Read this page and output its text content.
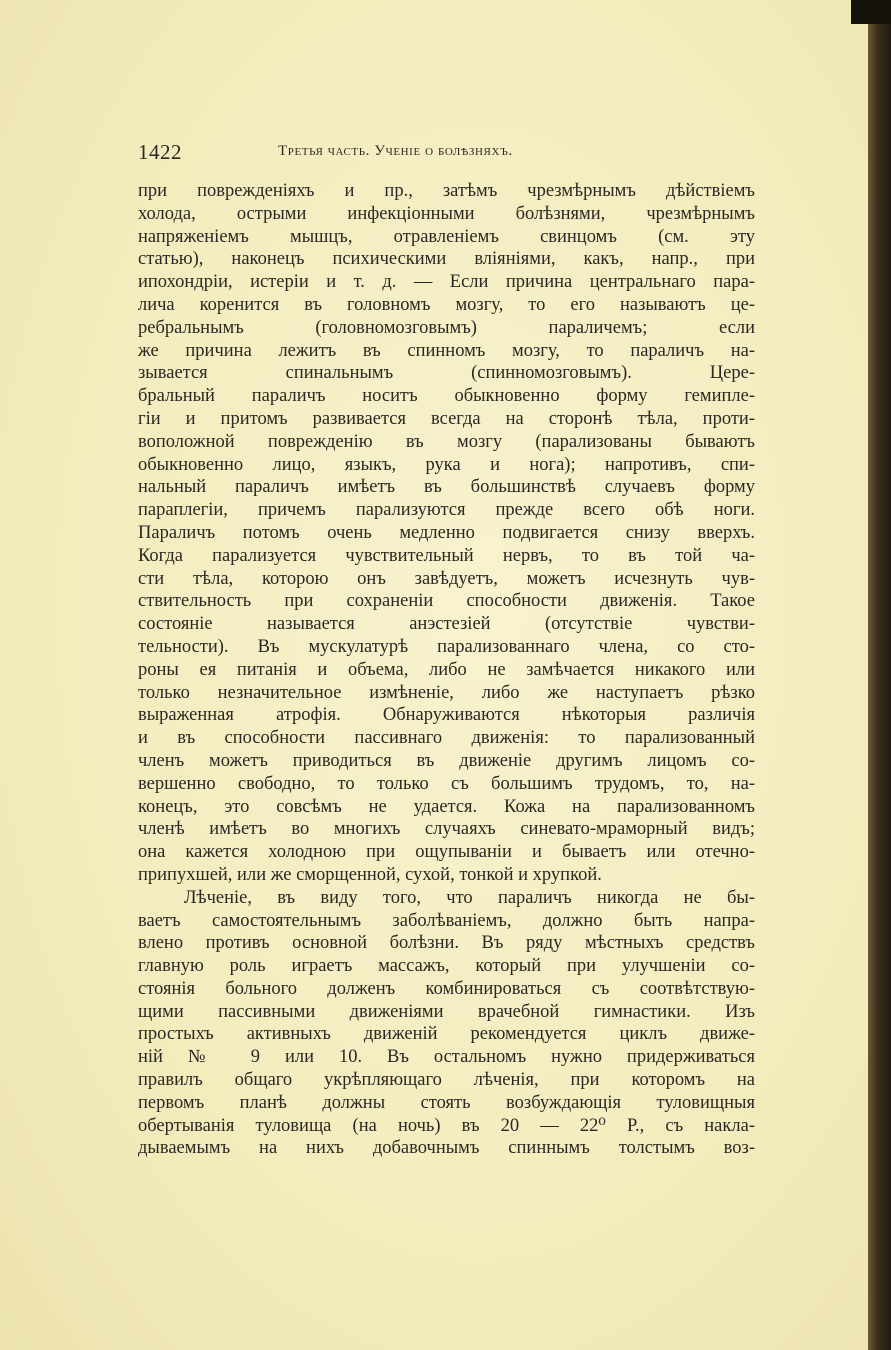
1422	Третья часть. Ученіе о болѣзняхъ.
при поврежденіяхъ и пр., затѣмъ чрезмѣрнымъ дѣйствіемъ
холода, острыми инфекціонными болѣзнями, чрезмѣрнымъ
напряженіемъ мышцъ, отравленіемъ свинцомъ (см. эту
статью), наконецъ психическими вліяніями, какъ, напр., при
ипохондріи, истеріи и т. д. — Если причина центральнаго пара-
лича коренится въ головномъ мозгу, то его называютъ це-
ребральнымъ (головномозговымъ) параличемъ; если
же причина лежитъ въ спинномъ мозгу, то параличъ на-
зывается спинальнымъ (спинномозговымъ). Цере-
бральный параличъ носитъ обыкновенно форму гемипле-
гіи и притомъ развивается всегда на сторонѣ тѣла, проти-
воположной поврежденію въ мозгу (парализованы бываютъ
обыкновенно лицо, языкъ, рука и нога); напротивъ, спи-
нальный параличъ имѣетъ въ большинствѣ случаевъ форму
параплегіи, причемъ парализуются прежде всего обѣ ноги.
Параличъ потомъ очень медленно подвигается снизу вверхъ.
Когда парализуется чувствительный нервъ, то въ той ча-
сти тѣла, которою онъ завѣдуетъ, можетъ исчезнуть чув-
ствительность при сохраненіи способности движенія. Такое
состояніе называется анэстезіей (отсутствіе чувстви-
тельности). Въ мускулатурѣ парализованнаго члена, со сто-
роны ея питанія и объема, либо не замѣчается никакого или
только незначительное измѣненіе, либо же наступаетъ рѣзко
выраженная атрофія. Обнаруживаются нѣкоторыя различія
и въ способности пассивнаго движенія: то парализованный
членъ можетъ приводиться въ движеніе другимъ лицомъ со-
вершенно свободно, то только съ большимъ трудомъ, то, на-
конецъ, это совсѣмъ не удается. Кожа на парализованномъ
членѣ имѣетъ во многихъ случаяхъ синевато-мраморный видъ;
она кажется холодною при ощупываніи и бываетъ или отечно-
припухшей, или же сморщенной, сухой, тонкой и хрупкой.
Лѣченіе, въ виду того, что параличъ никогда не бы-
ваетъ самостоятельнымъ заболѣваніемъ, должно быть напра-
влено противъ основной болѣзни. Въ ряду мѣстныхъ средствъ
главную роль играетъ массажъ, который при улучшеніи со-
стоянія больного долженъ комбинироваться съ соотвѣтствую-
щими пассивными движеніями врачебной гимнастики. Изъ
простыхъ активныхъ движеній рекомендуется циклъ движе-
ній № 9 или 10. Въ остальномъ нужно придерживаться
правилъ общаго укрѣпляющаго лѣченія, при которомъ на
первомъ планѣ должны стоять возбуждающія туловищныя
обертыванія туловища (на ночь) въ 20 — 22⁰ Р., съ накла-
дываемымъ на нихъ добавочнымъ спиннымъ толстымъ воз-
